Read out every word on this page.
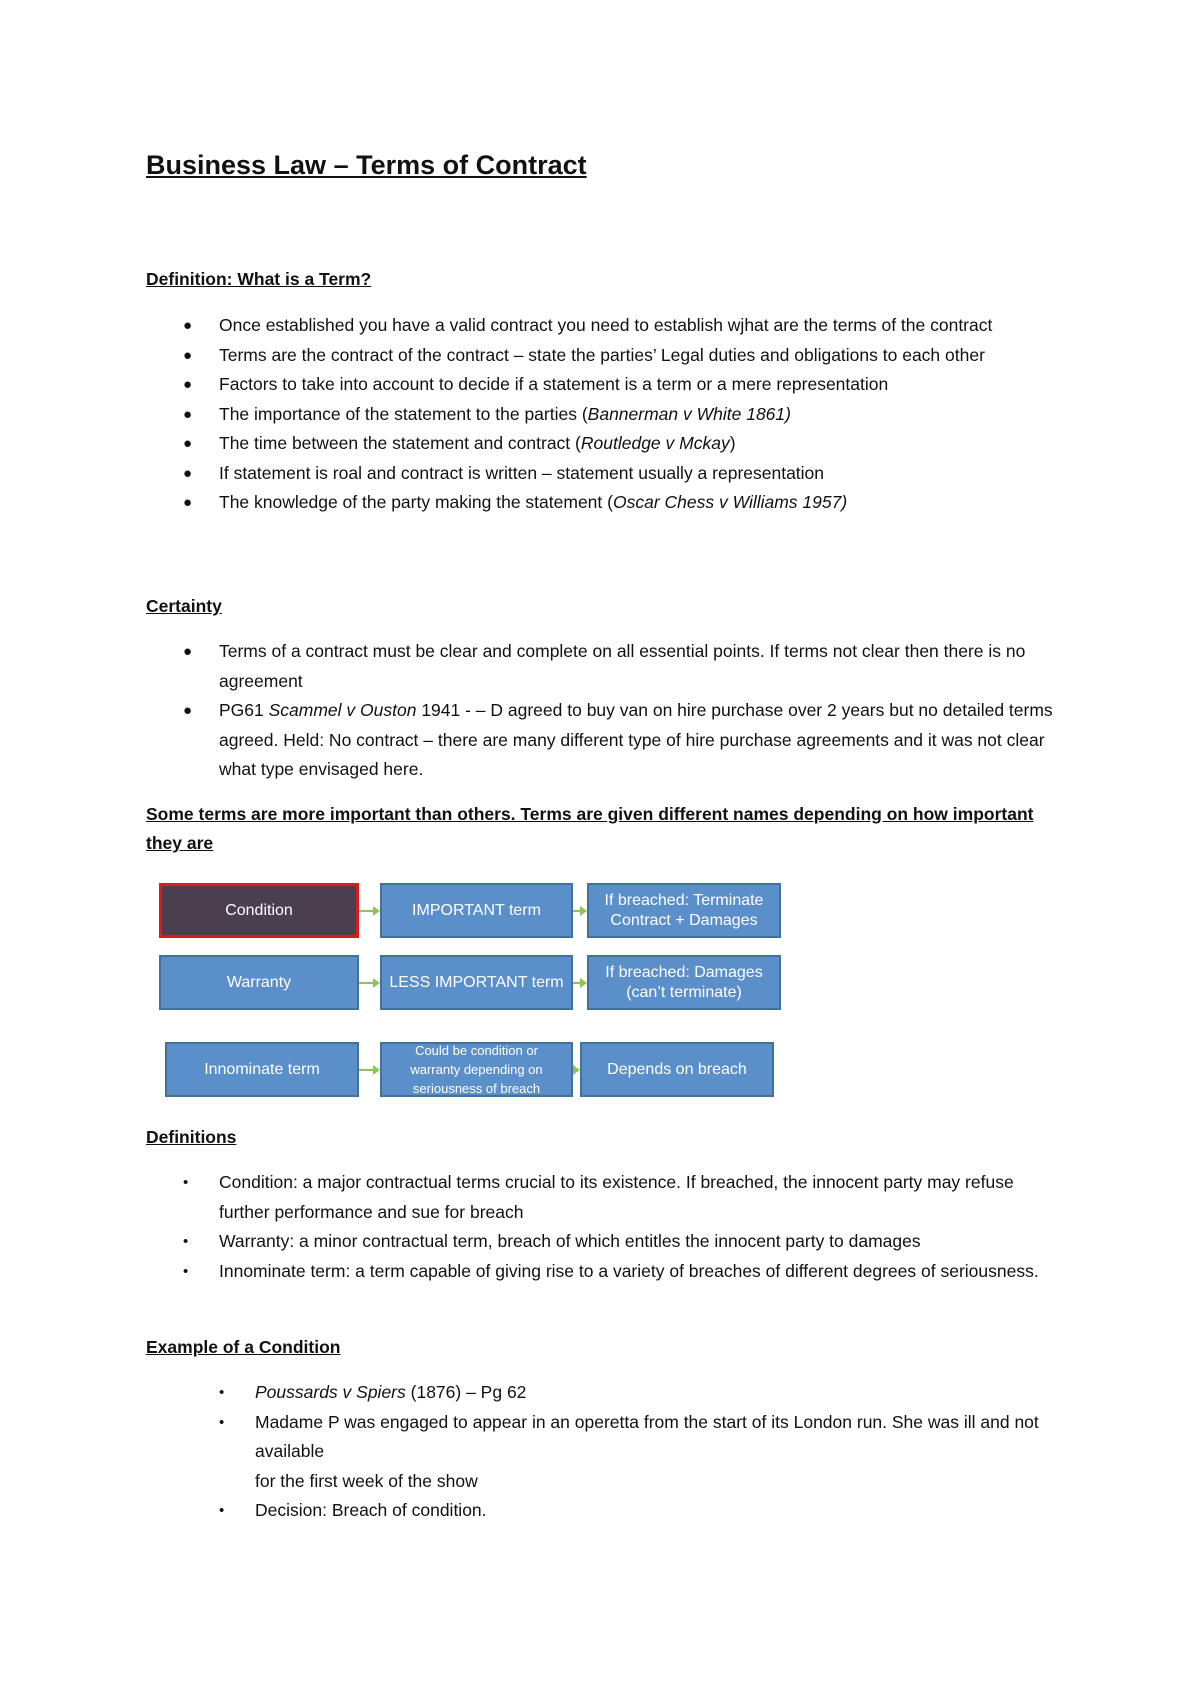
Business Law – Terms of Contract
Definition: What is a Term?
● Once established you have a valid contract you need to establish wjhat are the terms of the contract
● Terms are the contract of the contract – state the parties’ Legal duties and obligations to each other
● Factors to take into account to decide if a statement is a term or a mere representation
● The importance of the statement to the parties (Bannerman v White 1861)
● The time between the statement and contract (Routledge v Mckay)
● If statement is roal and contract is written – statement usually a representation
● The knowledge of the party making the statement (Oscar Chess v Williams 1957)
Certainty
● Terms of a contract must be clear and complete on all essential points. If terms not clear then there is no agreement
● PG61 Scammel v Ouston 1941 - – D agreed to buy van on hire purchase over 2 years but no detailed terms agreed. Held: No contract – there are many different type of hire purchase agreements and it was not clear what type envisaged here.
Some terms are more important than others. Terms are given different names depending on how important they are
Condition	IMPORTANT term
If breached: Terminate Contract + Damages
Warranty	LESS IMPORTANT term
If breached: Damages (can’t terminate)
Innominate term
Could be condition or warranty depending on seriousness of breach
Depends on breach
Definitions
• Condition: a major contractual terms crucial to its existence. If breached, the innocent party may refuse further performance and sue for breach
• Warranty: a minor contractual term, breach of which entitles the innocent party to damages
• Innominate term: a term capable of giving rise to a variety of breaches of different degrees of seriousness.
Example of a Condition
• Poussards v Spiers (1876) – Pg 62
• Madame P was engaged to appear in an operetta from the start of its London run. She was ill and not available
for the first week of the show
• Decision: Breach of condition.
